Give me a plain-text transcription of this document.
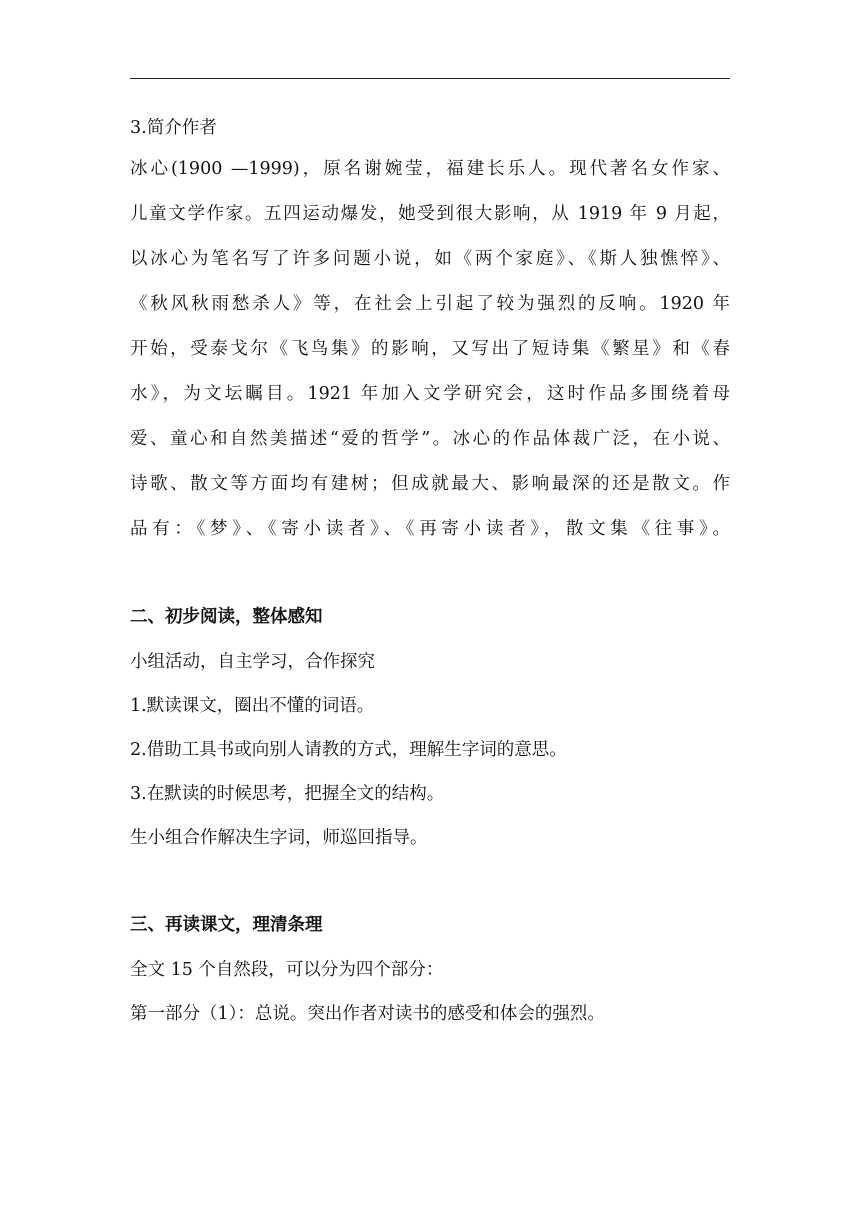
3.简介作者
冰心(1900 —1999)，原名谢婉莹，福建长乐人。现代著名女作家、
儿童文学作家。五四运动爆发，她受到很大影响，从 1919 年 9 月起，
以冰心为笔名写了许多问题小说，如《两个家庭》、《斯人独憔悴》、
《秋风秋雨愁杀人》等，在社会上引起了较为强烈的反响。1920 年
开始，受泰戈尔《飞鸟集》的影响，又写出了短诗集《繁星》和《春
水》，为文坛瞩目。1921 年加入文学研究会，这时作品多围绕着母
爱、童心和自然美描述“爱的哲学”。冰心的作品体裁广泛，在小说、
诗歌、散文等方面均有建树；但成就最大、影响最深的还是散文。作
品有：《梦》、《寄小读者》、《再寄小读者》，散文集《往事》。
二、初步阅读，整体感知
小组活动，自主学习，合作探究
1.默读课文，圈出不懂的词语。
2.借助工具书或向别人请教的方式，理解生字词的意思。
3.在默读的时候思考，把握全文的结构。
生小组合作解决生字词，师巡回指导。
三、再读课文，理清条理
全文 15 个自然段，可以分为四个部分：
第一部分（1）：总说。突出作者对读书的感受和体会的强烈。
